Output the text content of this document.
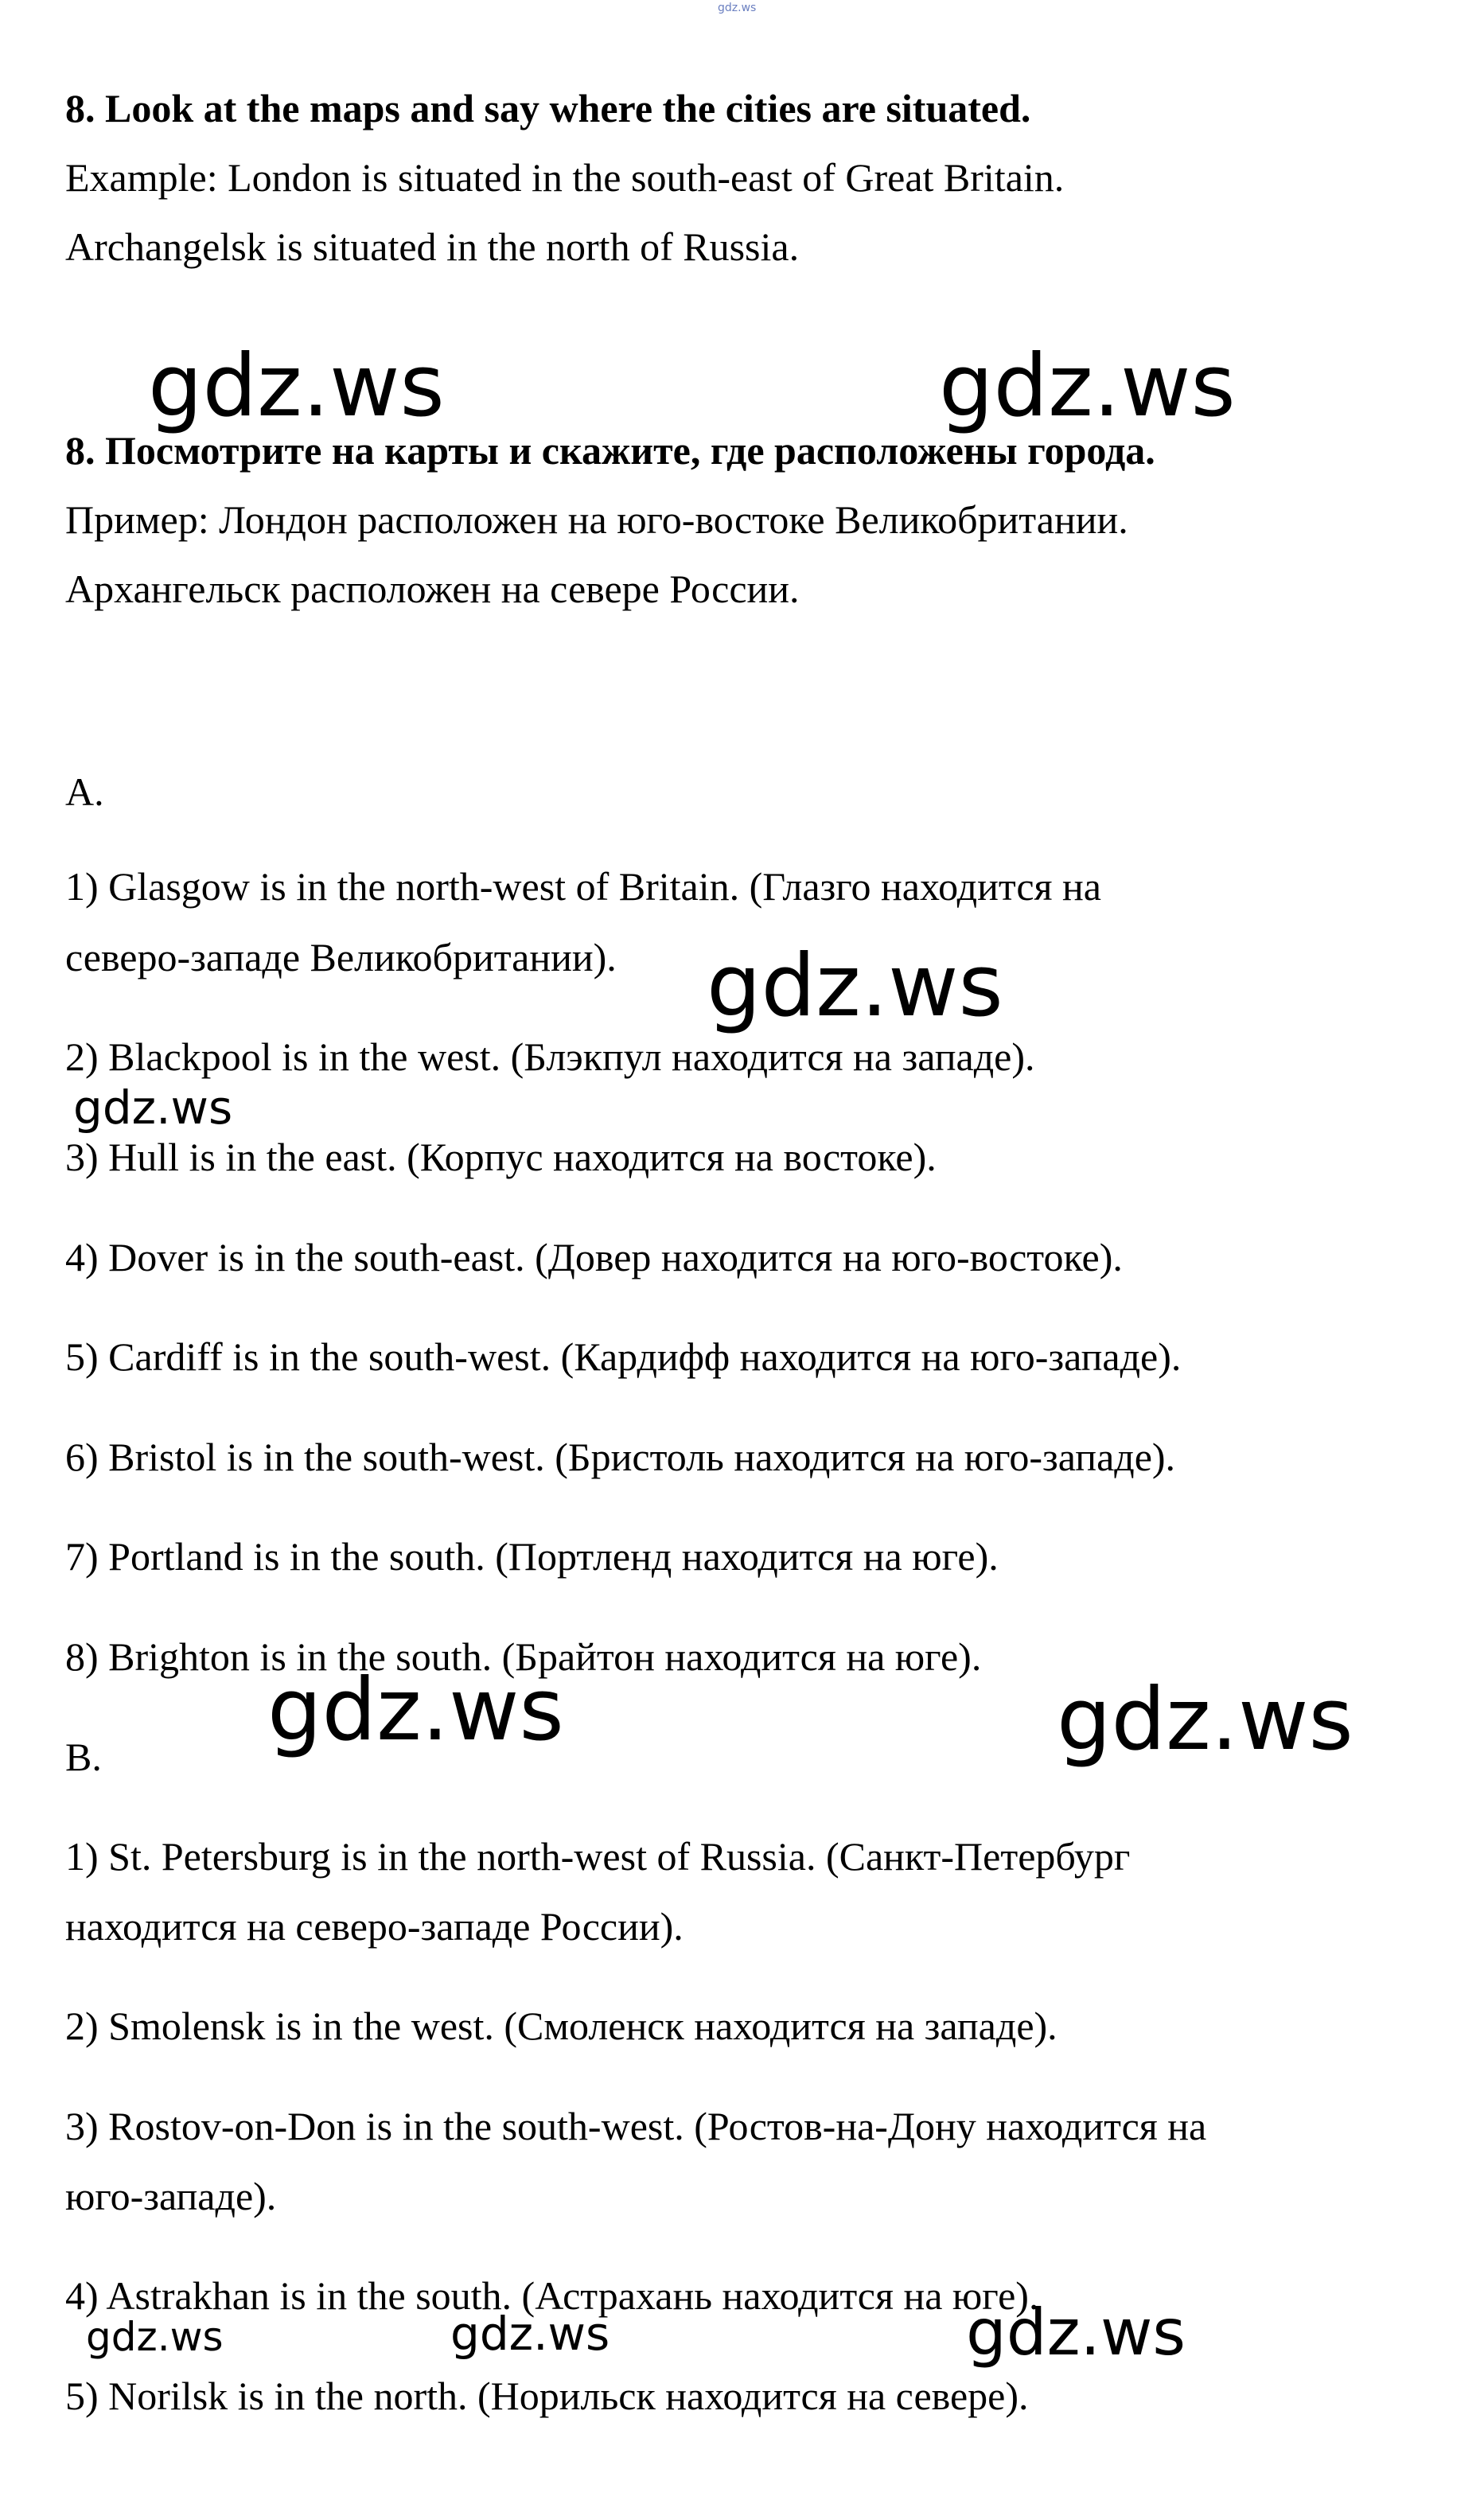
gdz.ws
8. Look at the maps and say where the cities are situated.
Example: London is situated in the south-east of Great Britain.
Archangelsk is situated in the north of Russia.
8. Посмотрите на карты и скажите, где расположены города.
Пример: Лондон расположен на юго-востоке Великобритании.
Архангельск расположен на севере России.
A.
1) Glasgow is in the north-west of Britain. (Глазго находится на
северо-западе Великобритании).
2) Blackpool is in the west. (Блэкпул находится на западе).
3) Hull is in the east. (Корпус находится на востоке).
4) Dover is in the south-east. (Довер находится на юго-востоке).
5) Cardiff is in the south-west. (Кардифф находится на юго-западе).
6) Bristol is in the south-west. (Бристоль находится на юго-западе).
7) Portland is in the south. (Портленд находится на юге).
8) Brighton is in the south. (Брайтон находится на юге).
B.
1) St. Petersburg is in the north-west of Russia. (Санкт-Петербург
находится на северо-западе России).
2) Smolensk is in the west. (Смоленск находится на западе).
3) Rostov-on-Don is in the south-west. (Ростов-на-Дону находится на
юго-западе).
4) Astrakhan is in the south. (Астрахань находится на юге).
5) Norilsk is in the north. (Норильск находится на севере).
gdz.ws	gdz.ws
gdz.ws
gdz.ws
gdz.ws	gdz.ws
gdz.ws	gdz.ws	gdz.ws
